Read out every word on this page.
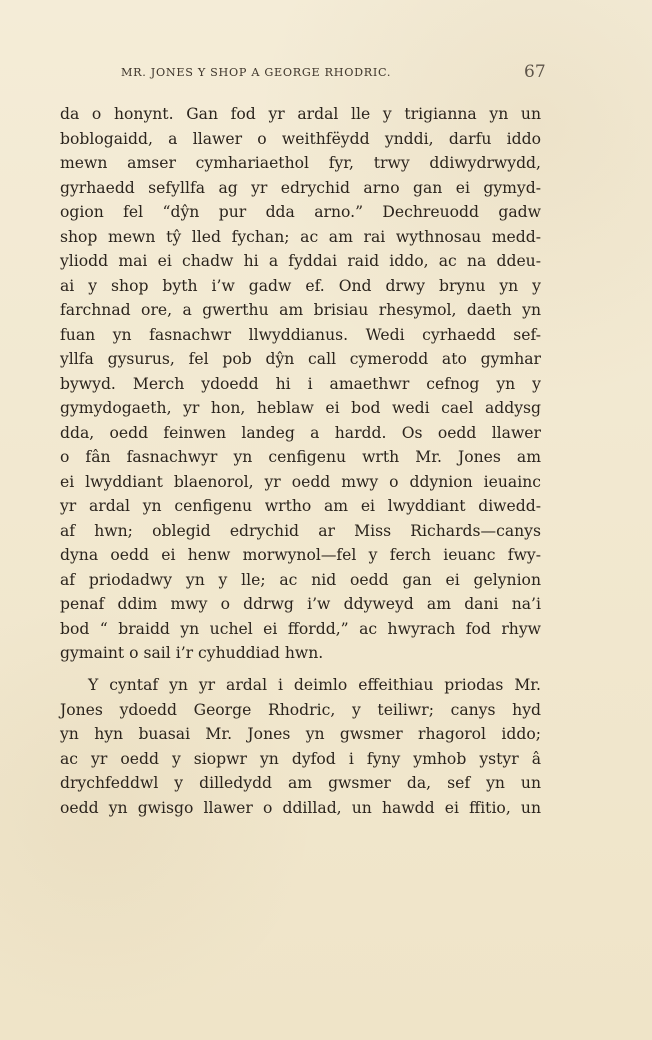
MR. JONES Y SHOP A GEORGE RHODRIC.	67
da o honynt. Gan fod yr ardal lle y trigianna yn un
boblogaidd, a llawer o weithfëydd ynddi, darfu iddo
mewn amser cymhariaethol fyr, trwy ddiwydrwydd,
gyrhaedd sefyllfa ag yr edrychid arno gan ei gymyd-
ogion fel “dŷn pur dda arno.” Dechreuodd gadw
shop mewn tŷ lled fychan; ac am rai wythnosau medd-
yliodd mai ei chadw hi a fyddai raid iddo, ac na ddeu-
ai y shop byth i’w gadw ef. Ond drwy brynu yn y
farchnad ore, a gwerthu am brisiau rhesymol, daeth yn
fuan yn fasnachwr llwyddianus. Wedi cyrhaedd sef-
yllfa gysurus, fel pob dŷn call cymerodd ato gymhar
bywyd. Merch ydoedd hi i amaethwr cefnog yn y
gymydogaeth, yr hon, heblaw ei bod wedi cael addysg
dda, oedd feinwen landeg a hardd. Os oedd llawer
o fân fasnachwyr yn cenfigenu wrth Mr. Jones am
ei lwyddiant blaenorol, yr oedd mwy o ddynion ieuainc
yr ardal yn cenfigenu wrtho am ei lwyddiant diwedd-
af hwn; oblegid edrychid ar Miss Richards—canys
dyna oedd ei henw morwynol—fel y ferch ieuanc fwy-
af priodadwy yn y lle; ac nid oedd gan ei gelynion
penaf ddim mwy o ddrwg i’w ddyweyd am dani na’i
bod “ braidd yn uchel ei ffordd,” ac hwyrach fod rhyw
gymaint o sail i’r cyhuddiad hwn.
Y cyntaf yn yr ardal i deimlo effeithiau priodas Mr.
Jones ydoedd George Rhodric, y teiliwr; canys hyd
yn hyn buasai Mr. Jones yn gwsmer rhagorol iddo;
ac yr oedd y siopwr yn dyfod i fyny ymhob ystyr â
drychfeddwl y dilledydd am gwsmer da, sef yn un
oedd yn gwisgo llawer o ddillad, un hawdd ei ffitio, un
